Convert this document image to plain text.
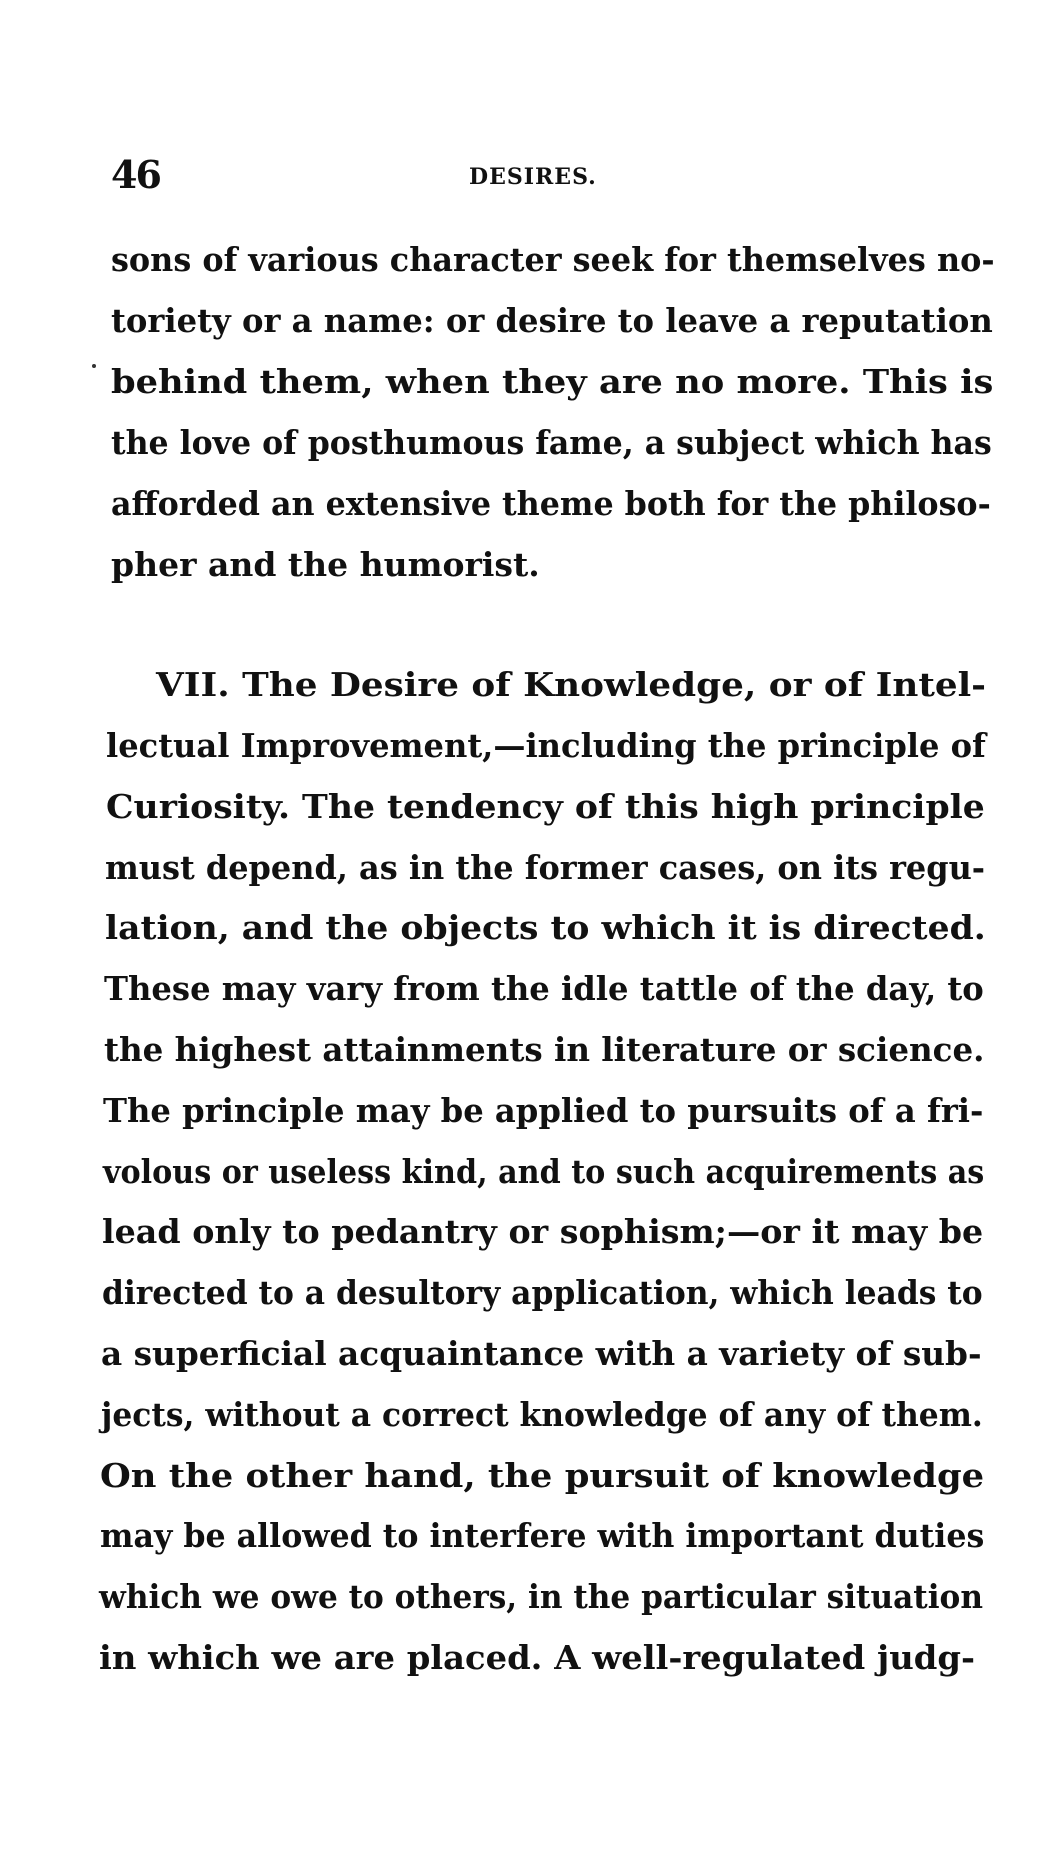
46	DESIRES.
sons of various character seek for themselves no-
toriety or a name: or desire to leave a reputation
behind them, when they are no more. This is
the love of posthumous fame, a subject which has
afforded an extensive theme both for the philoso-
pher and the humorist.
VII. The Desire of Knowledge, or of Intel-
lectual Improvement,—including the principle of
Curiosity. The tendency of this high principle
must depend, as in the former cases, on its regu-
lation, and the objects to which it is directed.
These may vary from the idle tattle of the day, to
the highest attainments in literature or science.
The principle may be applied to pursuits of a fri-
volous or useless kind, and to such acquirements as
lead only to pedantry or sophism;—or it may be
directed to a desultory application, which leads to
a superficial acquaintance with a variety of sub-
jects, without a correct knowledge of any of them.
On the other hand, the pursuit of knowledge
may be allowed to interfere with important duties
which we owe to others, in the particular situation
in which we are placed. A well-regulated judg-
